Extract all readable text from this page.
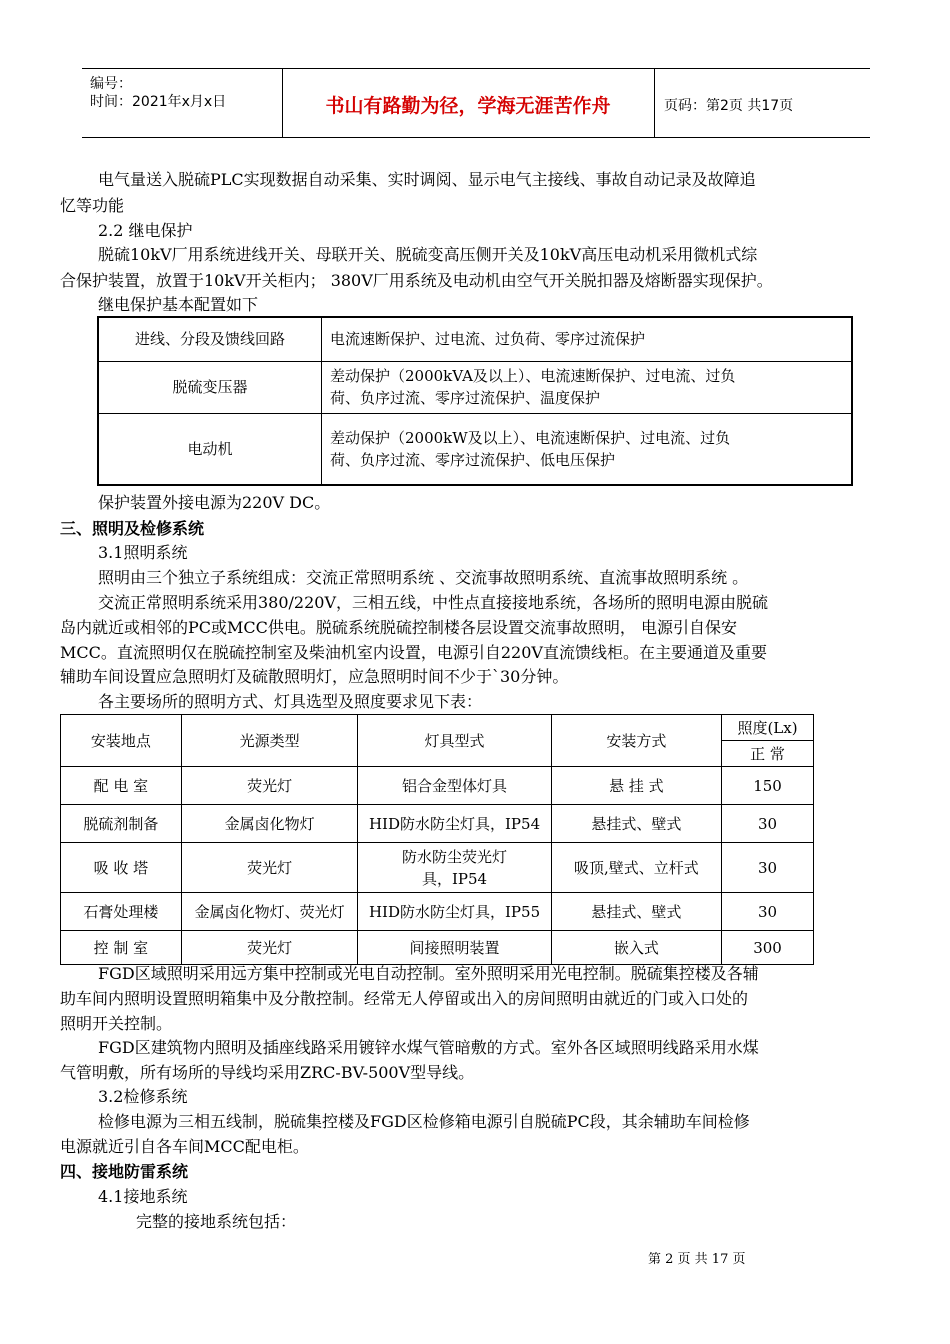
编号：
时间：2021年x月x日	书山有路勤为径，学海无涯苦作舟	页码：第2页 共17页
电气量送入脱硫PLC实现数据自动采集、实时调阅、显示电气主接线、事故自动记录及故障追
忆等功能
2.2 继电保护
脱硫10kV厂用系统进线开关、母联开关、脱硫变高压侧开关及10kV高压电动机采用微机式综
合保护装置，放置于10kV开关柜内； 380V厂用系统及电动机由空气开关脱扣器及熔断器实现保护。
继电保护基本配置如下
进线、分段及馈线回路	电流速断保护、过电流、过负荷、零序过流保护
脱硫变压器	差动保护（2000kVA及以上）、电流速断保护、过电流、过负
荷、负序过流、零序过流保护、温度保护

电动机	差动保护（2000kW及以上）、电流速断保护、过电流、过负
荷、负序过流、零序过流保护、低电压保护
保护装置外接电源为220V DC。
三、照明及检修系统
3.1照明系统
照明由三个独立子系统组成：交流正常照明系统 、交流事故照明系统、直流事故照明系统 。
交流正常照明系统采用380/220V，三相五线，中性点直接接地系统，各场所的照明电源由脱硫
岛内就近或相邻的PC或MCC供电。脱硫系统脱硫控制楼各层设置交流事故照明， 电源引自保安
MCC。直流照明仅在脱硫控制室及柴油机室内设置，电源引自220V直流馈线柜。在主要通道及重要
辅助车间设置应急照明灯及硫散照明灯，应急照明时间不少于`30分钟。
各主要场所的照明方式、灯具选型及照度要求见下表：
安装地点	光源类型	灯具型式	安装方式	照度(Lx)
				正 常
配 电 室	荧光灯	铝合金型体灯具	悬 挂 式	150
脱硫剂制备	金属卤化物灯	HID防水防尘灯具，IP54	悬挂式、壁式	30
吸 收 塔	荧光灯	防水防尘荧光灯
具，IP54	吸顶,壁式、立杆式	30
石膏处理楼	金属卤化物灯、荧光灯	HID防水防尘灯具，IP55	悬挂式、壁式	30
控 制 室	荧光灯	间接照明装置	嵌入式	300
FGD区域照明采用远方集中控制或光电自动控制。室外照明采用光电控制。脱硫集控楼及各辅
助车间内照明设置照明箱集中及分散控制。经常无人停留或出入的房间照明由就近的门或入口处的
照明开关控制。
FGD区建筑物内照明及插座线路采用镀锌水煤气管暗敷的方式。室外各区域照明线路采用水煤
气管明敷，所有场所的导线均采用ZRC-BV-500V型导线。
3.2检修系统
检修电源为三相五线制，脱硫集控楼及FGD区检修箱电源引自脱硫PC段，其余辅助车间检修
电源就近引自各车间MCC配电柜。
四、接地防雷系统
4.1接地系统
完整的接地系统包括：
第 2 页 共 17 页
